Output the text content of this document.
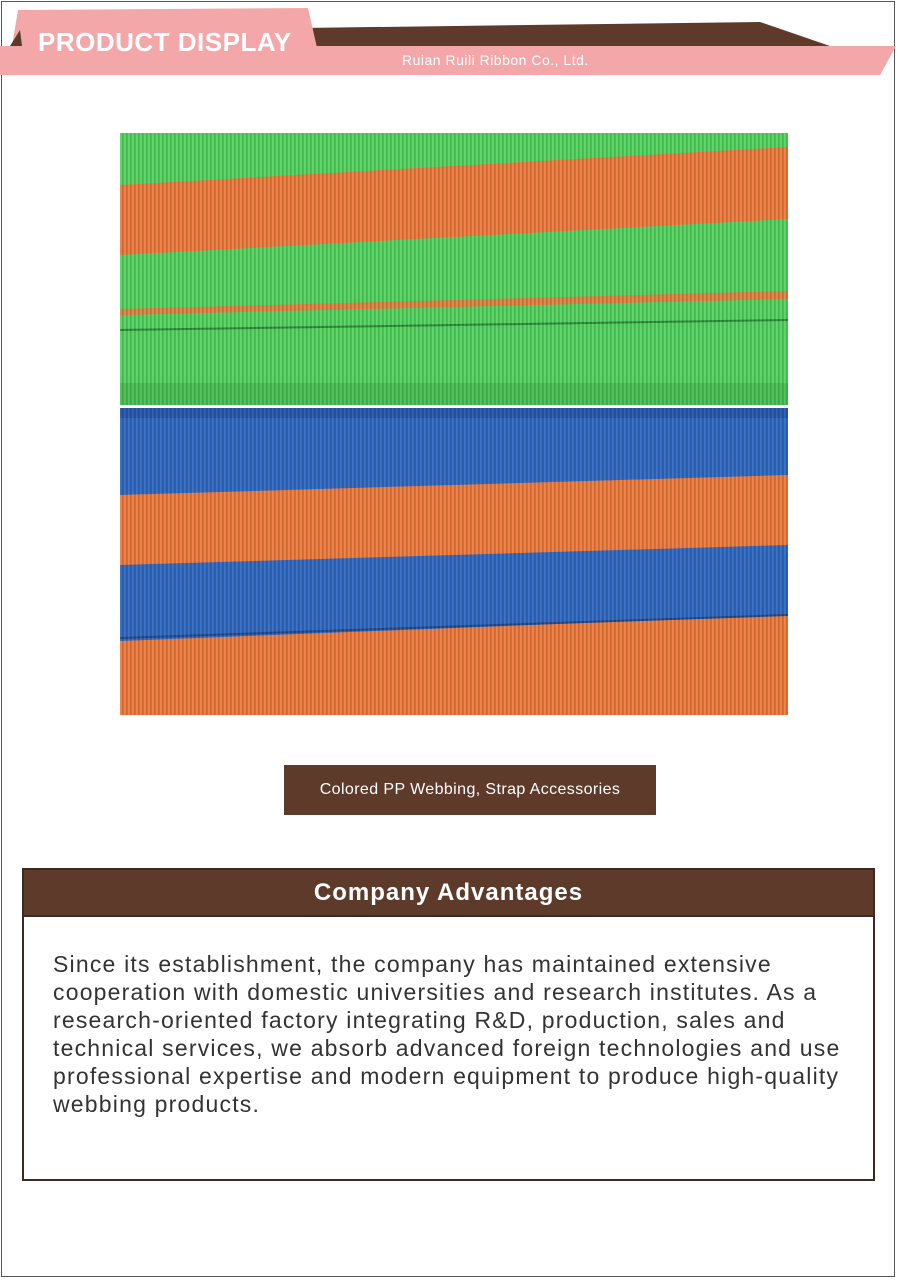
PRODUCT DISPLAY
Ruian Ruili Ribbon Co., Ltd.
Colored PP Webbing, Strap Accessories
Company Advantages

Since its establishment, the company has maintained extensive cooperation with domestic universities and research institutes. As a research-oriented factory integrating R&D, production, sales and technical services, we absorb advanced foreign technologies and use professional expertise and modern equipment to produce high-quality webbing products.
